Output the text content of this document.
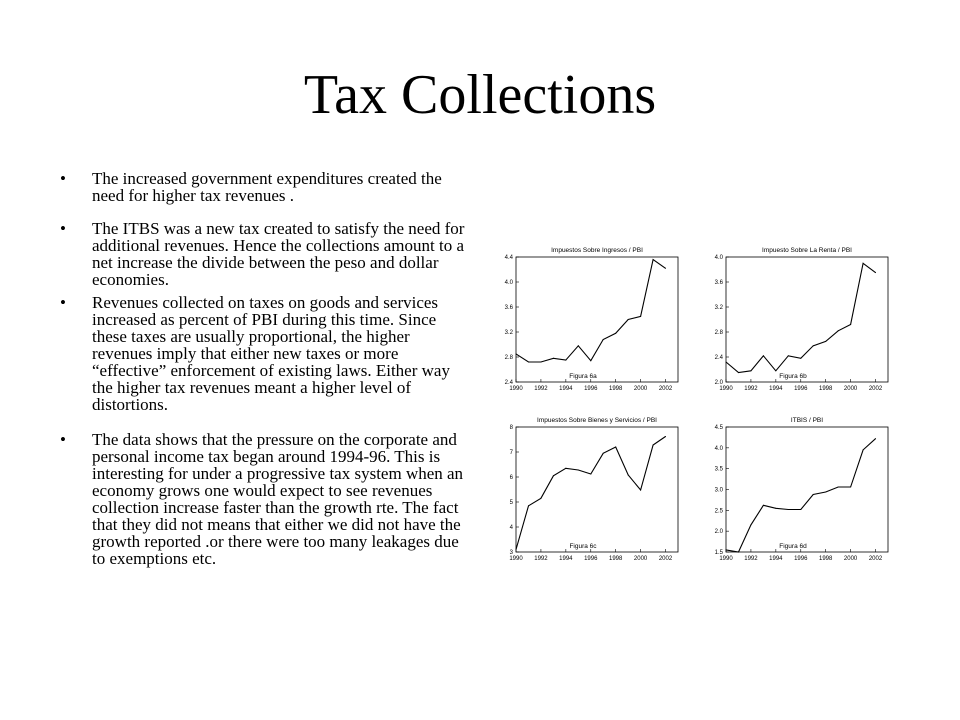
Tax Collections
•	The increased government expenditures created the need for higher tax revenues .
•	The ITBS was a new tax created to satisfy the need for additional revenues. Hence the collections amount to a net increase the divide between the peso and dollar economies.
•	Revenues collected on taxes on goods and services increased as percent of PBI during this time. Since these taxes are usually proportional, the higher revenues imply that either new taxes or more “effective” enforcement of existing laws. Either way the higher tax revenues meant a higher level of distortions.
•	The data shows that the pressure on the corporate and personal income tax began around 1994-96. This is interesting for under a progressive tax system when an economy grows one would expect to see revenues collection increase faster than the growth rte. The fact that they did not means that either we did not have the growth reported .or there were too many leakages due to exemptions etc.
Impuestos Sobre Ingresos / PBI
2.4
2.8
3.2
3.6
4.0
4.4
1990 1992 1994 1996 1998 2000 2002
Figura 6a
Impuesto Sobre La Renta / PBI
2.0
2.4
2.8
3.2
3.6
4.0
1990 1992 1994 1996 1998 2000 2002
Figura 6b
Impuestos Sobre Bienes y Servicios / PBI
3
4
5
6
7
8
1990 1992 1994 1996 1998 2000 2002
Figura 6c
ITBIS / PBI
1.5
2.0
2.5
3.0
3.5
4.0
4.5
1990 1992 1994 1996 1998 2000 2002
Figura 6d
